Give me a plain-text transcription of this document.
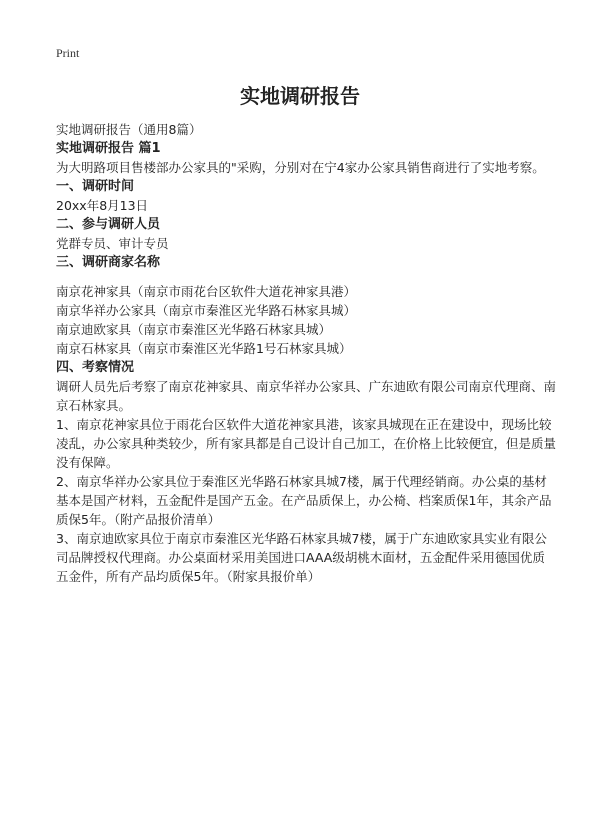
Print
实地调研报告

实地调研报告（通用8篇）

实地调研报告 篇1

为大明路项目售楼部办公家具的"采购，分别对在宁4家办公家具销售商进行了实地考察。

一、调研时间

20xx年8月13日

二、参与调研人员

党群专员、审计专员

三、调研商家名称

南京花神家具（南京市雨花台区软件大道花神家具港）

南京华祥办公家具（南京市秦淮区光华路石林家具城）

南京迪欧家具（南京市秦淮区光华路石林家具城）

南京石林家具（南京市秦淮区光华路1号石林家具城）

四、考察情况

调研人员先后考察了南京花神家具、南京华祥办公家具、广东迪欧有限公司南京代理商、南京石林家具。

1、南京花神家具位于雨花台区软件大道花神家具港，该家具城现在正在建设中，现场比较凌乱，办公家具种类较少，所有家具都是自己设计自己加工，在价格上比较便宜，但是质量没有保障。

2、南京华祥办公家具位于秦淮区光华路石林家具城7楼，属于代理经销商。办公桌的基材基本是国产材料，五金配件是国产五金。在产品质保上，办公椅、档案质保1年，其余产品质保5年。（附产品报价清单）

3、南京迪欧家具位于南京市秦淮区光华路石林家具城7楼，属于广东迪欧家具实业有限公司品牌授权代理商。办公桌面材采用美国进口AAA级胡桃木面材，五金配件采用德国优质五金件，所有产品均质保5年。（附家具报价单）
